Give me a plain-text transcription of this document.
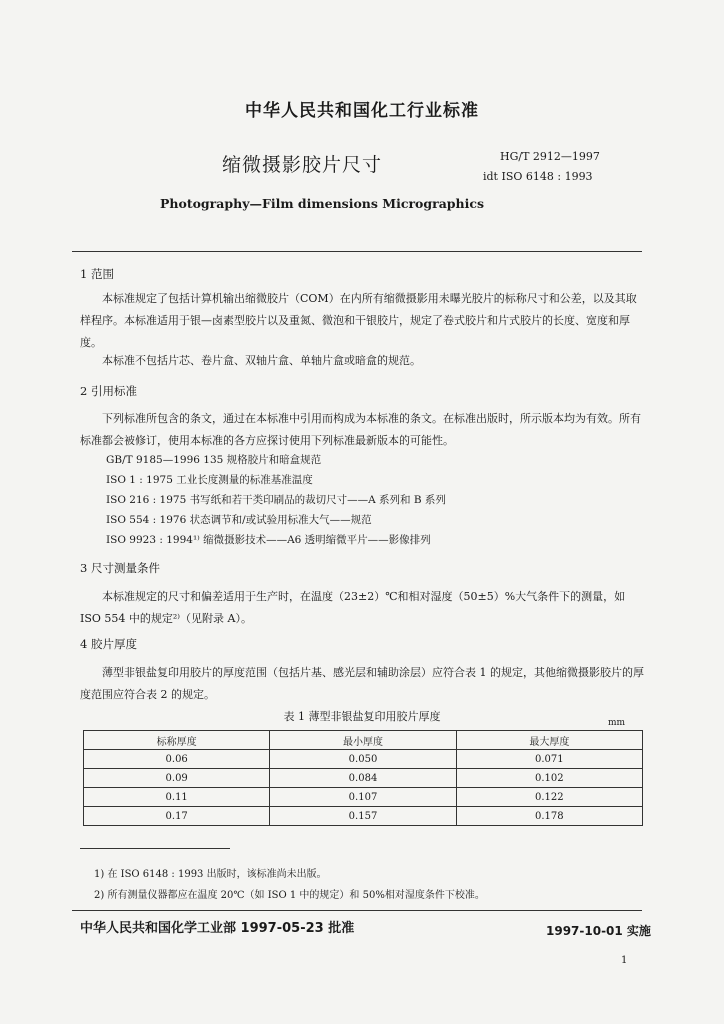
中华人民共和国化工行业标准
缩微摄影胶片尺寸	HG/T 2912—1997
idt ISO 6148 : 1993
Photography—Film dimensions Micrographics
1 范围
本标准规定了包括计算机输出缩微胶片（COM）在内所有缩微摄影用未曝光胶片的标称尺寸和公差，以及其取样程序。本标准适用于银—卤素型胶片以及重氮、微泡和干银胶片，规定了卷式胶片和片式胶片的长度、宽度和厚度。
本标准不包括片芯、卷片盒、双轴片盒、单轴片盒或暗盒的规范。
2 引用标准
下列标准所包含的条文，通过在本标准中引用而构成为本标准的条文。在标准出版时，所示版本均为有效。所有标准都会被修订，使用本标准的各方应探讨使用下列标准最新版本的可能性。
GB/T 9185—1996 135 规格胶片和暗盒规范
ISO 1 : 1975 工业长度测量的标准基准温度
ISO 216 : 1975 书写纸和若干类印刷品的裁切尺寸——A 系列和 B 系列
ISO 554 : 1976 状态调节和/或试验用标准大气——规范
ISO 9923 : 1994¹⁾ 缩微摄影技术——A6 透明缩微平片——影像排列
3 尺寸测量条件
本标准规定的尺寸和偏差适用于生产时，在温度（23±2）℃和相对湿度（50±5）%大气条件下的测量，如 ISO 554 中的规定²⁾（见附录 A）。
4 胶片厚度
薄型非银盐复印用胶片的厚度范围（包括片基、感光层和辅助涂层）应符合表 1 的规定，其他缩微摄影胶片的厚度范围应符合表 2 的规定。
表 1 薄型非银盐复印用胶片厚度	mm
标称厚度	最小厚度	最大厚度
0.06	0.050	0.071
0.09	0.084	0.102
0.11	0.107	0.122
0.17	0.157	0.178
1) 在 ISO 6148 : 1993 出版时，该标准尚未出版。
2) 所有测量仪器都应在温度 20℃（如 ISO 1 中的规定）和 50%相对湿度条件下校准。
中华人民共和国化学工业部 1997-05-23 批准	1997-10-01 实施
1
